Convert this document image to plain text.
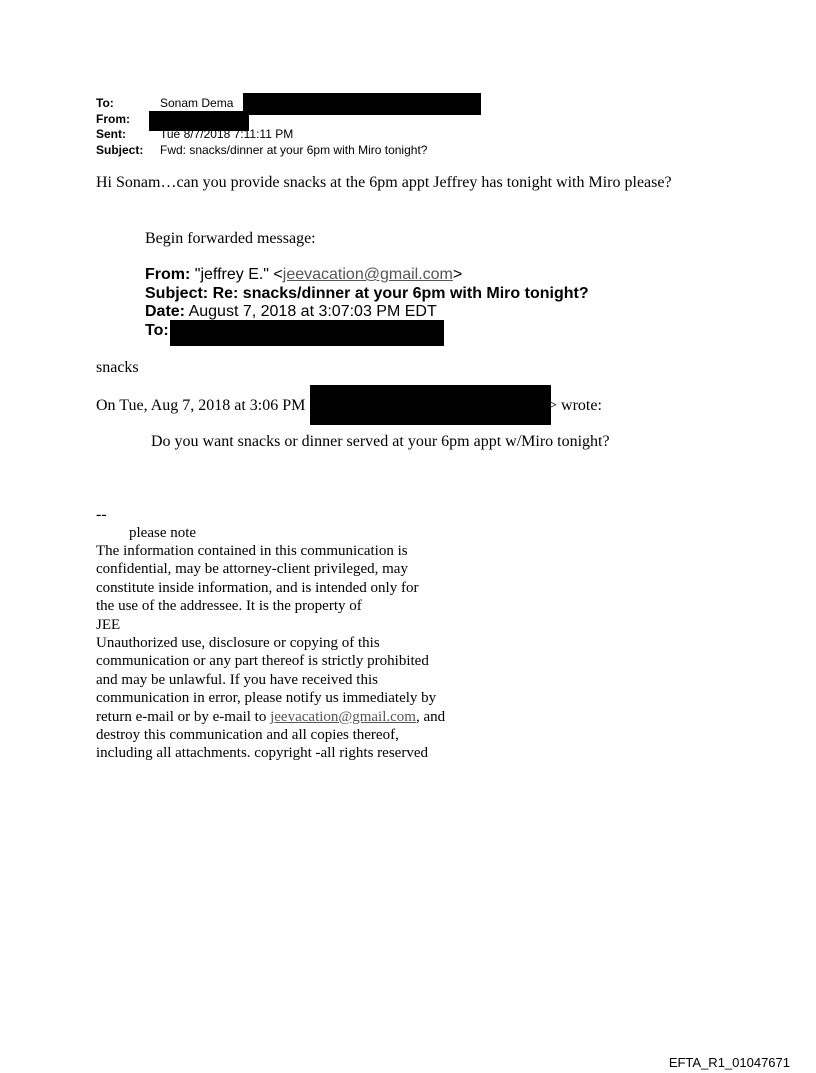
To:	Sonam Dema
From:
Sent:	Tue 8/7/2018 7:11:11 PM
Subject: Fwd: snacks/dinner at your 6pm with Miro tonight?
Hi Sonam…can you provide snacks at the 6pm appt Jeffrey has tonight with Miro please?
Begin forwarded message:
From: "jeffrey E." <jeevacation@gmail.com>
Subject: Re: snacks/dinner at your 6pm with Miro tonight?
Date: August 7, 2018 at 3:07:03 PM EDT
To:
snacks
On Tue, Aug 7, 2018 at 3:06 PM	> wrote:
Do you want snacks or dinner served at your 6pm appt w/Miro tonight?
--
please note
The information contained in this communication is
confidential, may be attorney-client privileged, may
constitute inside information, and is intended only for
the use of the addressee. It is the property of
JEE
Unauthorized use, disclosure or copying of this
communication or any part thereof is strictly prohibited
and may be unlawful. If you have received this
communication in error, please notify us immediately by
return e-mail or by e-mail to jeevacation@gmail.com, and
destroy this communication and all copies thereof,
including all attachments. copyright -all rights reserved
EFTA_R1_01047671
